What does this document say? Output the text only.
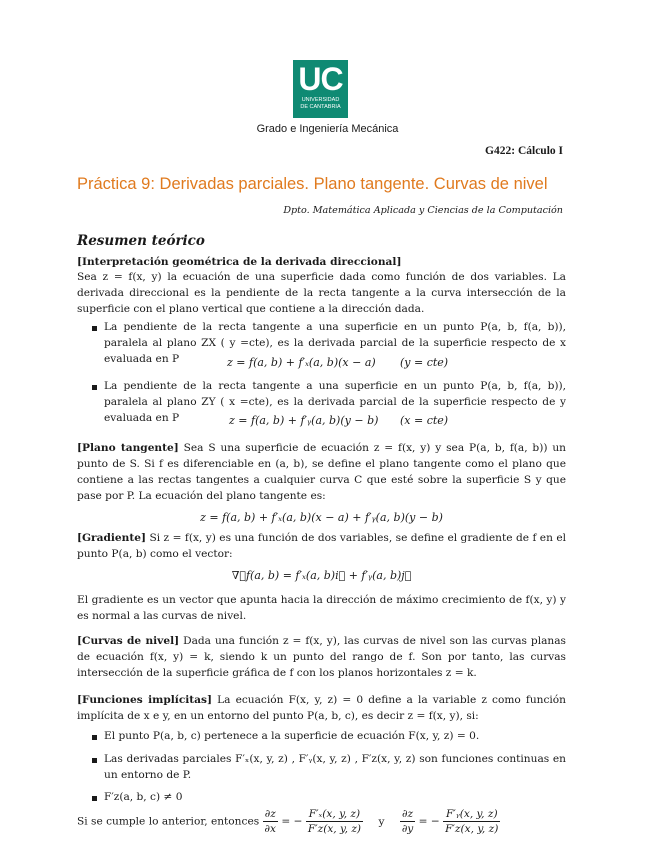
UC
UNIVERSIDAD
DE CANTABRIA
Grado e Ingeniería Mecánica
G422: Cálculo I
Práctica 9: Derivadas parciales. Plano tangente. Curvas de nivel
Dpto. Matemática Aplicada y Ciencias de la Computación
Resumen teórico
[Interpretación geométrica de la derivada direccional]
Sea z = f(x, y) la ecuación de una superficie dada como función de dos variables. La derivada direccional es la pendiente de la recta tangente a la curva intersección de la superficie con el plano vertical que contiene a la dirección dada.
La pendiente de la recta tangente a una superficie en un punto P(a, b, f(a, b)), paralela al plano ZX ( y =cte), es la derivada parcial de la superficie respecto de x evaluada en P	z = f(a, b) + f′ₓ(a, b)(x − a) (y = cte)
La pendiente de la recta tangente a una superficie en un punto P(a, b, f(a, b)), paralela al plano ZY ( x =cte), es la derivada parcial de la superficie respecto de y evaluada en P	z = f(a, b) + f′ᵧ(a, b)(y − b) (x = cte)
[Plano tangente] Sea S una superficie de ecuación z = f(x, y) y sea P(a, b, f(a, b)) un punto de S. Si f es diferenciable en (a, b), se define el plano tangente como el plano que contiene a las rectas tangentes a cualquier curva C que esté sobre la superficie S y que pase por P. La ecuación del plano tangente es:
z = f(a, b) + f′ₓ(a, b)(x − a) + f′ᵧ(a, b)(y − b)
[Gradiente] Si z = f(x, y) es una función de dos variables, se define el gradiente de f en el punto P(a, b) como el vector:
∇⃗f(a, b) = f′ₓ(a, b)i⃗ + f′ᵧ(a, b)j⃗
El gradiente es un vector que apunta hacia la dirección de máximo crecimiento de f(x, y) y es normal a las curvas de nivel.
[Curvas de nivel] Dada una función z = f(x, y), las curvas de nivel son las curvas planas de ecuación f(x, y) = k, siendo k un punto del rango de f. Son por tanto, las curvas intersección de la superficie gráfica de f con los planos horizontales z = k.
[Funciones implícitas] La ecuación F(x, y, z) = 0 define a la variable z como función implícita de x e y, en un entorno del punto P(a, b, c), es decir z = f(x, y), si:
El punto P(a, b, c) pertenece a la superficie de ecuación F(x, y, z) = 0.
Las derivadas parciales F′ₓ(x, y, z) , F′ᵧ(x, y, z) , F′z(x, y, z) son funciones continuas en un entorno de P.
F′z(a, b, c) ≠ 0
Si se cumple lo anterior, entonces $\frac{\partial z}{\partial x}$ = − $\frac{\text{F′ₓ(x, y, z)}}{F'z(x, y, z)}$ y $\frac{\partial z}{\partial y}$ = − $\frac{\text{F′ᵧ(x, y, z)}}{F'z(x, y, z)}$
